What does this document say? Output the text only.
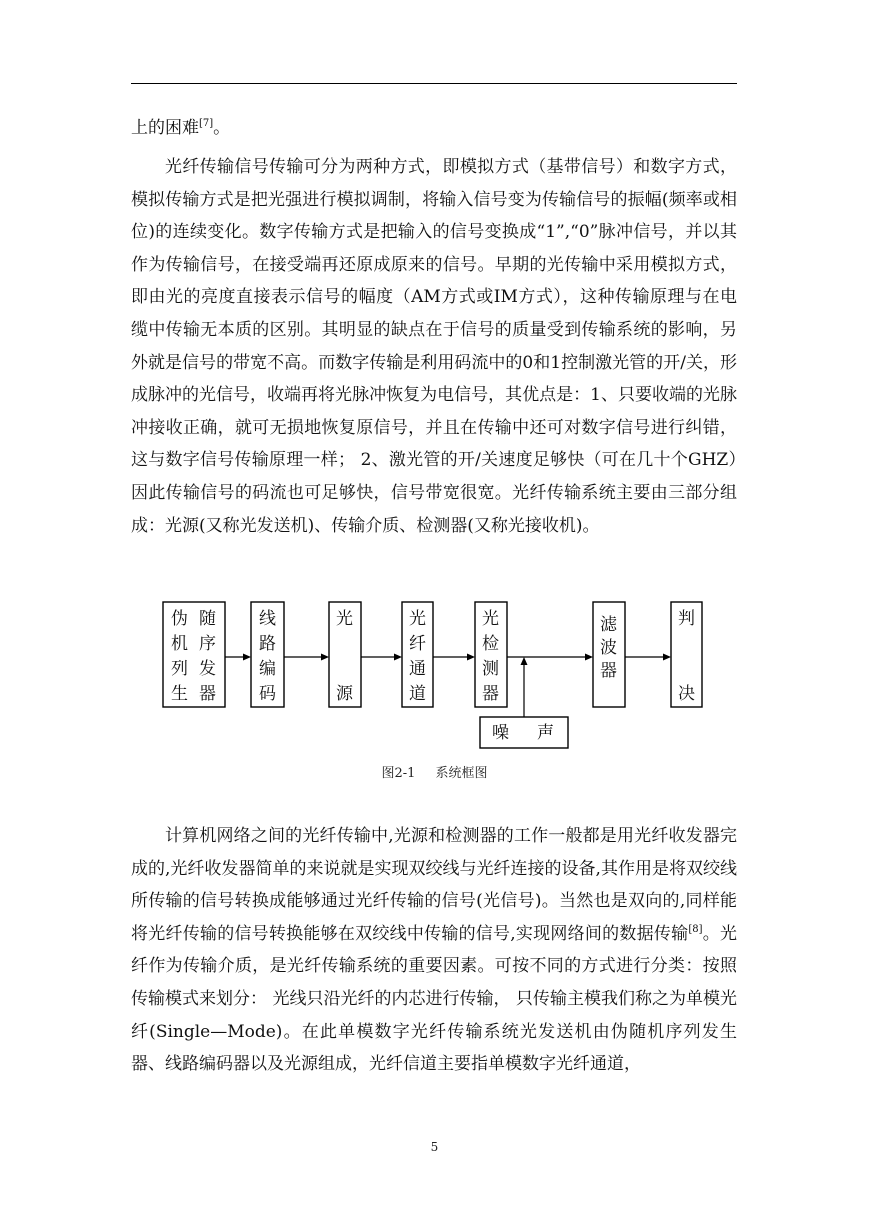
上的困难[7]。

光纤传输信号传输可分为两种方式，即模拟方式（基带信号）和数字方式，模拟传输方式是把光强进行模拟调制，将输入信号变为传输信号的振幅(频率或相位)的连续变化。数字传输方式是把输入的信号变换成“1”,“0”脉冲信号，并以其作为传输信号，在接受端再还原成原来的信号。早期的光传输中采用模拟方式，即由光的亮度直接表示信号的幅度（AM方式或IM方式），这种传输原理与在电缆中传输无本质的区别。其明显的缺点在于信号的质量受到传输系统的影响，另外就是信号的带宽不高。而数字传输是利用码流中的0和1控制激光管的开/关，形成脉冲的光信号，收端再将光脉冲恢复为电信号，其优点是：1、只要收端的光脉冲接收正确，就可无损地恢复原信号，并且在传输中还可对数字信号进行纠错，这与数字信号传输原理一样； 2、激光管的开/关速度足够快（可在几十个GHZ）因此传输信号的码流也可足够快，信号带宽很宽。光纤传输系统主要由三部分组成：光源(又称光发送机)、传输介质、检测器(又称光接收机)。

伪 随
机 序
列 发
生 器
线
路
编
码
光
源
光
纤
通
道
光
检
测
器
滤
波
器
判
决
噪 声
图2-1 系统框图

计算机网络之间的光纤传输中,光源和检测器的工作一般都是用光纤收发器完成的,光纤收发器简单的来说就是实现双绞线与光纤连接的设备,其作用是将双绞线所传输的信号转换成能够通过光纤传输的信号(光信号)。当然也是双向的,同样能将光纤传输的信号转换能够在双绞线中传输的信号,实现网络间的数据传输[8]。光纤作为传输介质，是光纤传输系统的重要因素。可按不同的方式进行分类：按照传输模式来划分： 光线只沿光纤的内芯进行传输， 只传输主模我们称之为单模光纤(Single—Mode)。在此单模数字光纤传输系统光发送机由伪随机序列发生器、线路编码器以及光源组成，光纤信道主要指单模数字光纤通道，

5
